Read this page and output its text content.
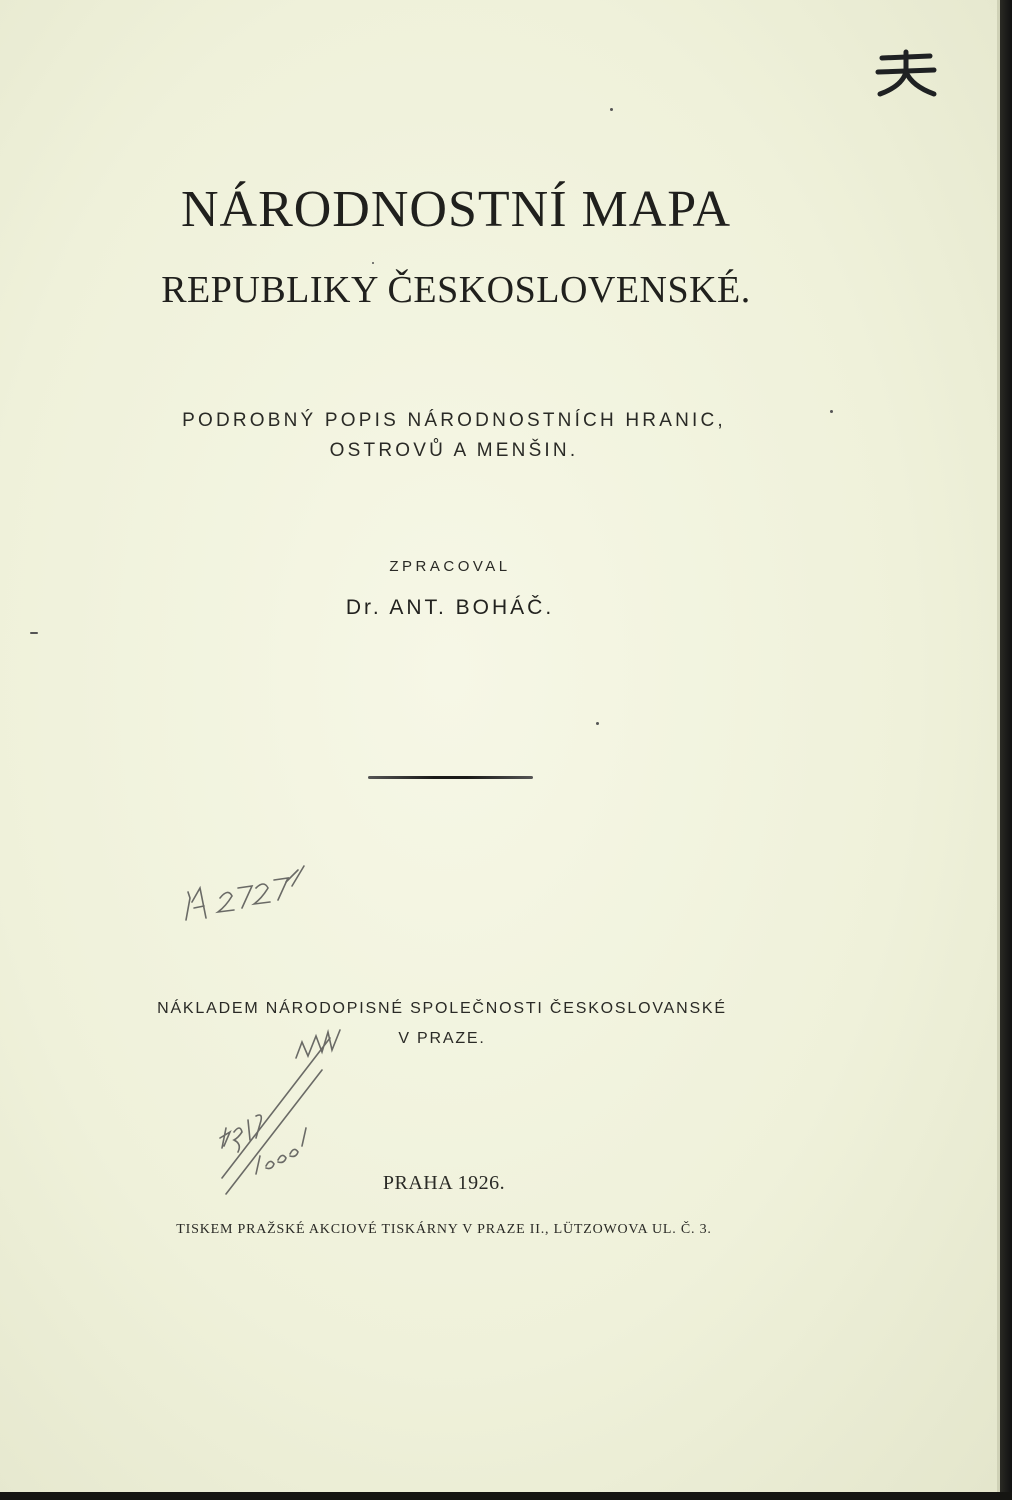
NÁRODNOSTNÍ MAPA
REPUBLIKY ČESKOSLOVENSKÉ.
PODROBNÝ POPIS NÁRODNOSTNÍCH HRANIC,
OSTROVŮ A MENŠIN.
ZPRACOVAL
Dr. ANT. BOHÁČ.
NÁKLADEM NÁRODOPISNÉ SPOLEČNOSTI ČESKOSLOVANSKÉ
V PRAZE.
PRAHA 1926.
TISKEM PRAŽSKÉ AKCIOVÉ TISKÁRNY V PRAZE II., LÜTZOWOVA UL. Č. 3.
